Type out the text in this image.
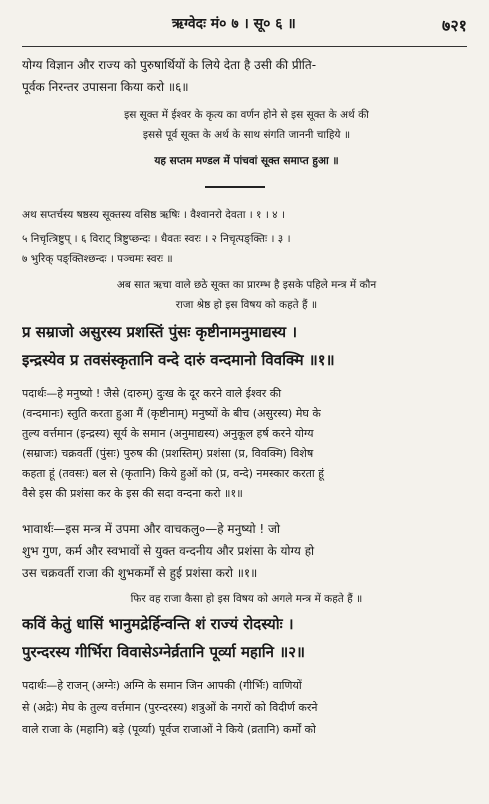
ऋग्वेदः मं० ७ । सू० ६ ॥	७२१
योग्य विज्ञान और राज्य को पुरुषार्थियों के लिये देता है उसी की प्रीति-
पूर्वक निरन्तर उपासना किया करो ॥६॥
इस सूक्त में ईश्वर के कृत्य का वर्णन होने से इस सूक्त के अर्थ की
इससे पूर्व सूक्त के अर्थ के साथ संगति जाननी चाहिये ॥
यह सप्तम मण्डल में पांचवां सूक्त समाप्त हुआ ॥
अथ सप्तर्चस्य षष्ठस्य सूक्तस्य वसिष्ठ ऋषिः । वैश्वानरो देवता । १ । ४ ।
५ निचृत्त्रिष्टुप् । ६ विराट् त्रिष्टुप्छन्दः । धैवतः स्वरः । २ निचृत्पङ्क्तिः । ३ ।
७ भुरिक् पङ्क्तिश्छन्दः । पञ्चमः स्वरः ॥
अब सात ऋचा वाले छठे सूक्त का प्रारम्भ है इसके पहिले मन्त्र में कौन
राजा श्रेष्ठ हो इस विषय को कहते हैं ॥
प्र सम्राजो असुरस्य प्रशस्तिं पुंसः कृष्टीनामनुमाद्यस्य ।
इन्द्रस्येव प्र तवसंस्कृतानि वन्दे दारुं वन्दमानो विवक्मि ॥१॥
पदार्थः—हे मनुष्यो ! जैसे (दारुम्) दुःख के दूर करने वाले ईश्वर की
(वन्दमानः) स्तुति करता हुआ मैं (कृष्टीनाम्) मनुष्यों के बीच (असुरस्य) मेघ के
तुल्य वर्त्तमान (इन्द्रस्य) सूर्य के समान (अनुमाद्यस्य) अनुकूल हर्ष करने योग्य
(सम्राजः) चक्रवर्ती (पुंसः) पुरुष की (प्रशस्तिम्) प्रशंसा (प्र, विवक्मि) विशेष
कहता हूं (तवसः) बल से (कृतानि) किये हुओं को (प्र, वन्दे) नमस्कार करता हूं
वैसे इस की प्रशंसा कर के इस की सदा वन्दना करो ॥१॥
भावार्थः—इस मन्त्र में उपमा और वाचकलु०—हे मनुष्यो ! जो
शुभ गुण, कर्म और स्वभावों से युक्त वन्दनीय और प्रशंसा के योग्य हो
उस चक्रवर्ती राजा की शुभकर्मों से हुई प्रशंसा करो ॥१॥
फिर वह राजा कैसा हो इस विषय को अगले मन्त्र में कहते हैं ॥
कविं केतुं धासिं भानुमद्रेर्हिन्वन्ति शं राज्यं रोदस्योः ।
पुरन्दरस्य गीर्भिरा विवासेऽग्नेर्व्रतानि पूर्व्या महानि ॥२॥
पदार्थः—हे राजन् (अग्नेः) अग्नि के समान जिन आपकी (गीर्भिः) वाणियों
से (अद्रेः) मेघ के तुल्य वर्त्तमान (पुरन्दरस्य) शत्रुओं के नगरों को विदीर्ण करने
वाले राजा के (महानि) बड़े (पूर्व्या) पूर्वज राजाओं ने किये (व्रतानि) कर्मों को
